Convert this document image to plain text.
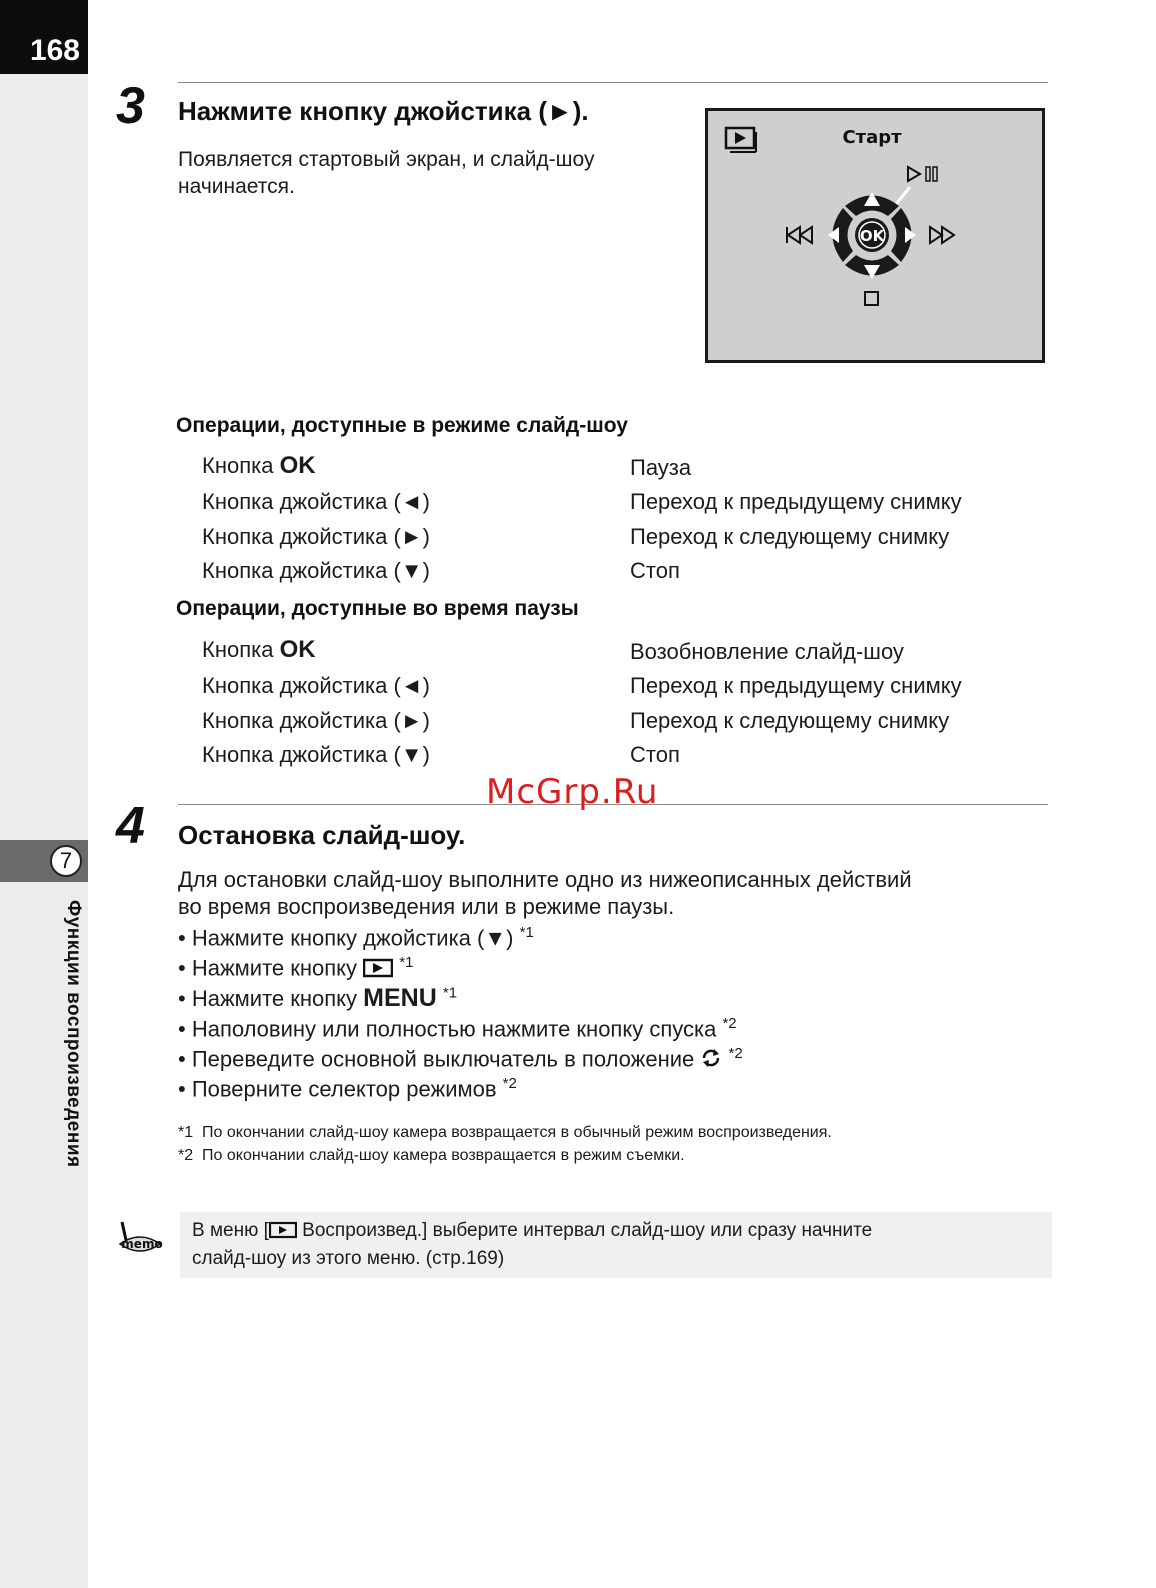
168
7
Функции воспроизведения
3 Нажмите кнопку джойстика (►).
Появляется стартовый экран, и слайд-шоу
начинается.
Старт
OK
Операции, доступные в режиме слайд-шоу
Кнопка OK	Пауза
Кнопка джойстика (◄)	Переход к предыдущему снимку
Кнопка джойстика (►)	Переход к следующему снимку
Кнопка джойстика (▼)	Стоп
Операции, доступные во время паузы
Кнопка OK	Возобновление слайд-шоу
Кнопка джойстика (◄)	Переход к предыдущему снимку
Кнопка джойстика (►)	Переход к следующему снимку
Кнопка джойстика (▼)	Стоп
McGrp.Ru
4 Остановка слайд-шоу.
Для остановки слайд-шоу выполните одно из нижеописанных действий
во время воспроизведения или в режиме паузы.
• Нажмите кнопку джойстика (▼) $^{*1}$
• Нажмите кнопку  $^{*1}$
• Нажмите кнопку MENU $^{*1}$
• Наполовину или полностью нажмите кнопку спуска $^{*2}$
• Переведите основной выключатель в положение  $^{*2}$
• Поверните селектор режимов $^{*2}$
*1 По окончании слайд-шоу камера возвращается в обычный режим воспроизведения.
*2 По окончании слайд-шоу камера возвращается в режим съемки.
memo
В меню [ Воспроизвед.] выберите интервал слайд-шоу или сразу начните
слайд-шоу из этого меню. (стр.169)
